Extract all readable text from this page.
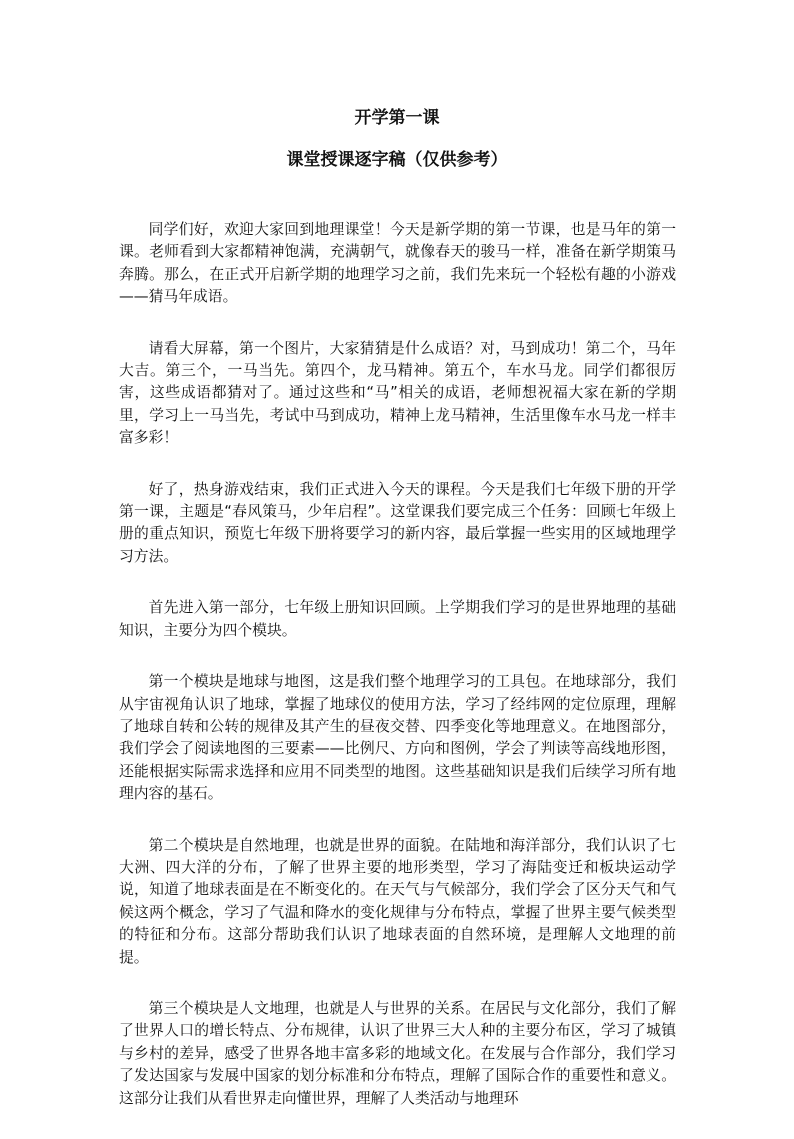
开学第一课
课堂授课逐字稿（仅供参考）

同学们好，欢迎大家回到地理课堂！今天是新学期的第一节课，也是马年的第一课。老师看到大家都精神饱满，充满朝气，就像春天的骏马一样，准备在新学期策马奔腾。那么，在正式开启新学期的地理学习之前，我们先来玩一个轻松有趣的小游戏——猜马年成语。

请看大屏幕，第一个图片，大家猜猜是什么成语？对，马到成功！第二个，马年大吉。第三个，一马当先。第四个，龙马精神。第五个，车水马龙。同学们都很厉害，这些成语都猜对了。通过这些和“马”相关的成语，老师想祝福大家在新的学期里，学习上一马当先，考试中马到成功，精神上龙马精神，生活里像车水马龙一样丰富多彩！

好了，热身游戏结束，我们正式进入今天的课程。今天是我们七年级下册的开学第一课，主题是“春风策马，少年启程”。这堂课我们要完成三个任务：回顾七年级上册的重点知识，预览七年级下册将要学习的新内容，最后掌握一些实用的区域地理学习方法。

首先进入第一部分，七年级上册知识回顾。上学期我们学习的是世界地理的基础知识，主要分为四个模块。

第一个模块是地球与地图，这是我们整个地理学习的工具包。在地球部分，我们从宇宙视角认识了地球，掌握了地球仪的使用方法，学习了经纬网的定位原理，理解了地球自转和公转的规律及其产生的昼夜交替、四季变化等地理意义。在地图部分，我们学会了阅读地图的三要素——比例尺、方向和图例，学会了判读等高线地形图，还能根据实际需求选择和应用不同类型的地图。这些基础知识是我们后续学习所有地理内容的基石。

第二个模块是自然地理，也就是世界的面貌。在陆地和海洋部分，我们认识了七大洲、四大洋的分布，了解了世界主要的地形类型，学习了海陆变迁和板块运动学说，知道了地球表面是在不断变化的。在天气与气候部分，我们学会了区分天气和气候这两个概念，学习了气温和降水的变化规律与分布特点，掌握了世界主要气候类型的特征和分布。这部分帮助我们认识了地球表面的自然环境，是理解人文地理的前提。

第三个模块是人文地理，也就是人与世界的关系。在居民与文化部分，我们了解了世界人口的增长特点、分布规律，认识了世界三大人种的主要分布区，学习了城镇与乡村的差异，感受了世界各地丰富多彩的地域文化。在发展与合作部分，我们学习了发达国家与发展中国家的划分标准和分布特点，理解了国际合作的重要性和意义。这部分让我们从看世界走向懂世界，理解了人类活动与地理环
